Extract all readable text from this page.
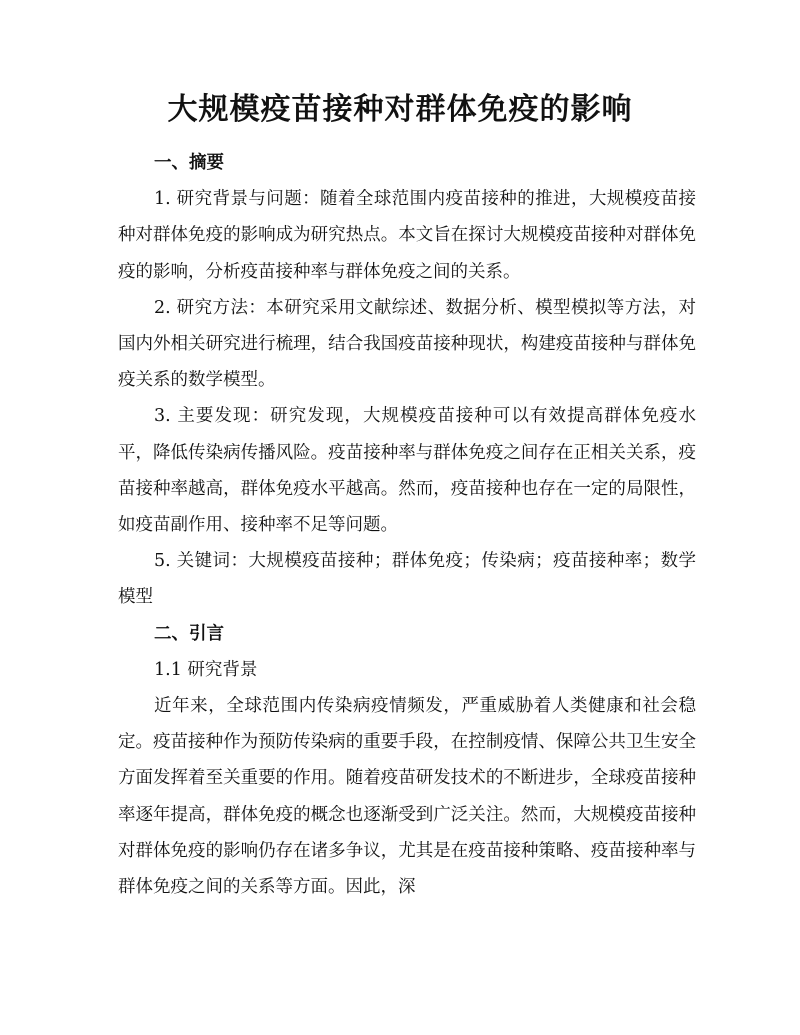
大规模疫苗接种对群体免疫的影响

一、摘要

1. 研究背景与问题：随着全球范围内疫苗接种的推进，大规模疫苗接种对群体免疫的影响成为研究热点。本文旨在探讨大规模疫苗接种对群体免疫的影响，分析疫苗接种率与群体免疫之间的关系。

2. 研究方法：本研究采用文献综述、数据分析、模型模拟等方法，对国内外相关研究进行梳理，结合我国疫苗接种现状，构建疫苗接种与群体免疫关系的数学模型。

3. 主要发现：研究发现，大规模疫苗接种可以有效提高群体免疫水平，降低传染病传播风险。疫苗接种率与群体免疫之间存在正相关关系，疫苗接种率越高，群体免疫水平越高。然而，疫苗接种也存在一定的局限性，如疫苗副作用、接种率不足等问题。

5. 关键词：大规模疫苗接种；群体免疫；传染病；疫苗接种率；数学模型

二、引言

1.1 研究背景

近年来，全球范围内传染病疫情频发，严重威胁着人类健康和社会稳定。疫苗接种作为预防传染病的重要手段，在控制疫情、保障公共卫生安全方面发挥着至关重要的作用。随着疫苗研发技术的不断进步，全球疫苗接种率逐年提高，群体免疫的概念也逐渐受到广泛关注。然而，大规模疫苗接种对群体免疫的影响仍存在诸多争议，尤其是在疫苗接种策略、疫苗接种率与群体免疫之间的关系等方面。因此，深
